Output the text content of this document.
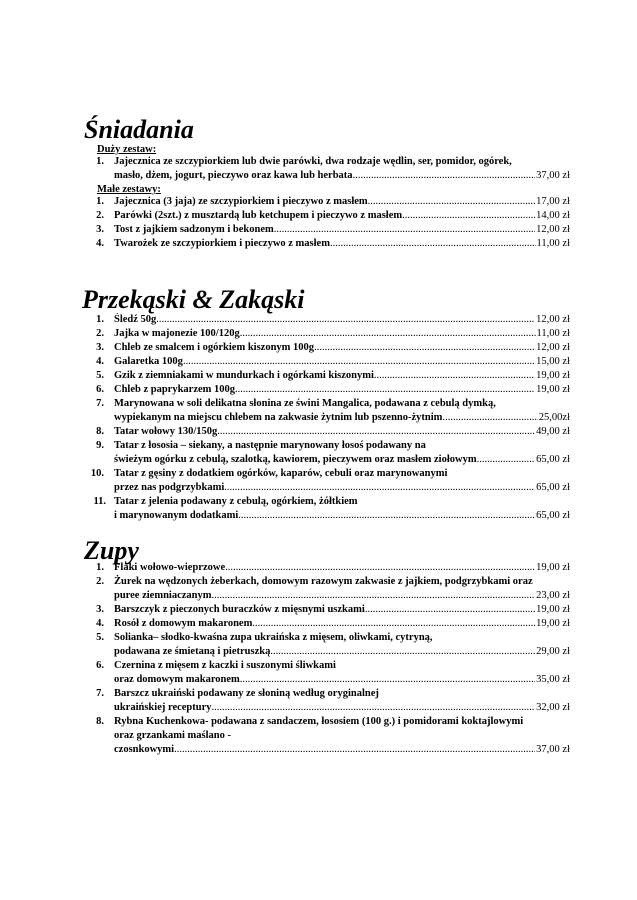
Śniadania
Duży zestaw:
1. Jajecznica ze szczypiorkiem lub dwie parówki, dwa rodzaje wędlin, ser, pomidor, ogórek,
masło, dżem, jogurt, pieczywo oraz kawa lub herbata .....	37,00 zł
Małe zestawy:
1. Jajecznica (3 jaja) ze szczypiorkiem i pieczywo z masłem .....	17,00 zł
2. Parówki (2szt.) z musztardą lub ketchupem i pieczywo z masłem .....	14,00 zł
3. Tost z jajkiem sadzonym i bekonem .....	12,00 zł
4. Twarożek ze szczypiorkiem i pieczywo z masłem .....	11,00 zł
Przekąski & Zakąski
1. Śledź 50g .....	12,00 zł
2. Jajka w majonezie 100/120g .....	11,00 zł
3. Chleb ze smalcem i ogórkiem kiszonym 100g .....	12,00 zł
4. Galaretka 100g .....	15,00 zł
5. Gzik z ziemniakami w mundurkach i ogórkami kiszonymi .....	19,00 zł
6. Chleb z paprykarzem 100g .....	19,00 zł
7. Marynowana w soli delikatna słonina ze świni Mangalica, podawana z cebulą dymką,
wypiekanym na miejscu chlebem na zakwasie żytnim lub pszenno-żytnim .....	25,00zł
8. Tatar wołowy 130/150g .....	49,00 zł
9. Tatar z łososia – siekany, a następnie marynowany łosoś podawany na
świeżym ogórku z cebulą, szalotką, kawiorem, pieczywem oraz masłem ziołowym .....	65,00 zł
10. Tatar z gęsiny z dodatkiem ogórków, kaparów, cebuli oraz marynowanymi
przez nas podgrzybkami .....	65,00 zł
11. Tatar z jelenia podawany z cebulą, ogórkiem, żółtkiem
i marynowanym dodatkami .....	65,00 zł
Zupy
1. Flaki wołowo-wieprzowe .....	19,00 zł
2. Żurek na wędzonych żeberkach, domowym razowym zakwasie z jajkiem, podgrzybkami oraz
puree ziemniaczanym .....	23,00 zł
3. Barszczyk z pieczonych buraczków z mięsnymi uszkami .....	19,00 zł
4. Rosół z domowym makaronem .....	19,00 zł
5. Solianka– słodko-kwaśna zupa ukraińska z mięsem, oliwkami, cytryną,
podawana ze śmietaną i pietruszką .....	29,00 zł
6. Czernina z mięsem z kaczki i suszonymi śliwkami
oraz domowym makaronem .....	35,00 zł
7. Barszcz ukraiński podawany ze słoniną według oryginalnej
ukraińskiej receptury .....	32,00 zł
8. Rybna Kuchenkowa- podawana z sandaczem, łososiem (100 g.) i pomidorami koktajlowymi
oraz grzankami maślano -
czosnkowymi .....	37,00 zł
